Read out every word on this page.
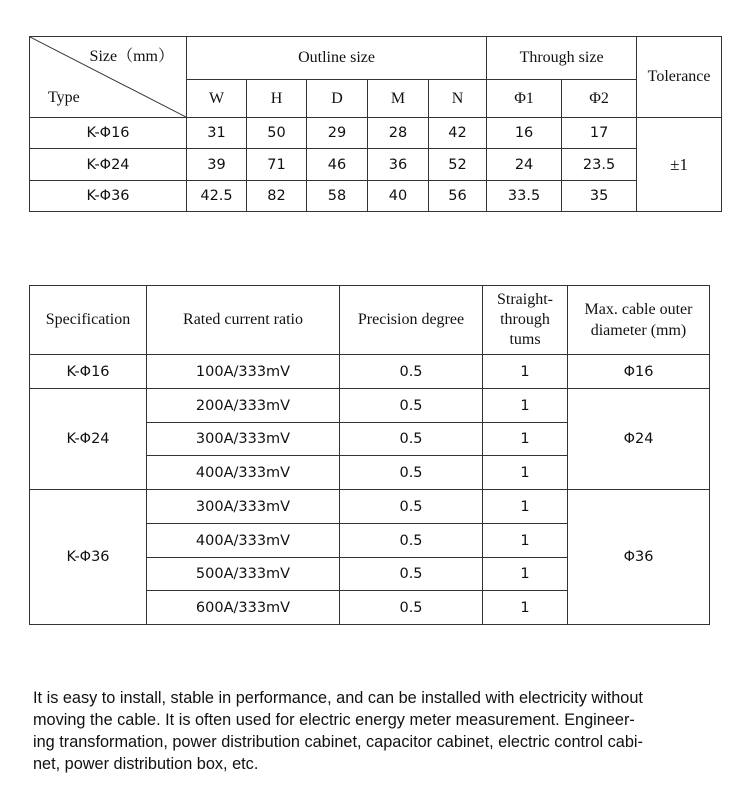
Size（mm）
Type	Outline size					Through size		Tolerance
	W	H	D	M	N	Φ1	Φ2	
K-Φ16	31	50	29	28	42	16	17	±1
K-Φ24	39	71	46	36	52	24	23.5	
K-Φ36	42.5	82	58	40	56	33.5	35	
Specification	Rated current ratio	Precision degree	Straight-
through
tums	Max. cable outer
diameter (mm)

K-Φ16	100A/333mV	0.5	1	Φ16
K-Φ24	200A/333mV	0.5	1	Φ24
	300A/333mV	0.5	1	
	400A/333mV	0.5	1	
K-Φ36	300A/333mV	0.5	1	Φ36
	400A/333mV	0.5	1	
	500A/333mV	0.5	1	
	600A/333mV	0.5	1	

It is easy to install, stable in performance, and can be installed with electricity without
moving the cable. It is often used for electric energy meter measurement. Engineer-
ing transformation, power distribution cabinet, capacitor cabinet, electric control cabi-
net, power distribution box, etc.
